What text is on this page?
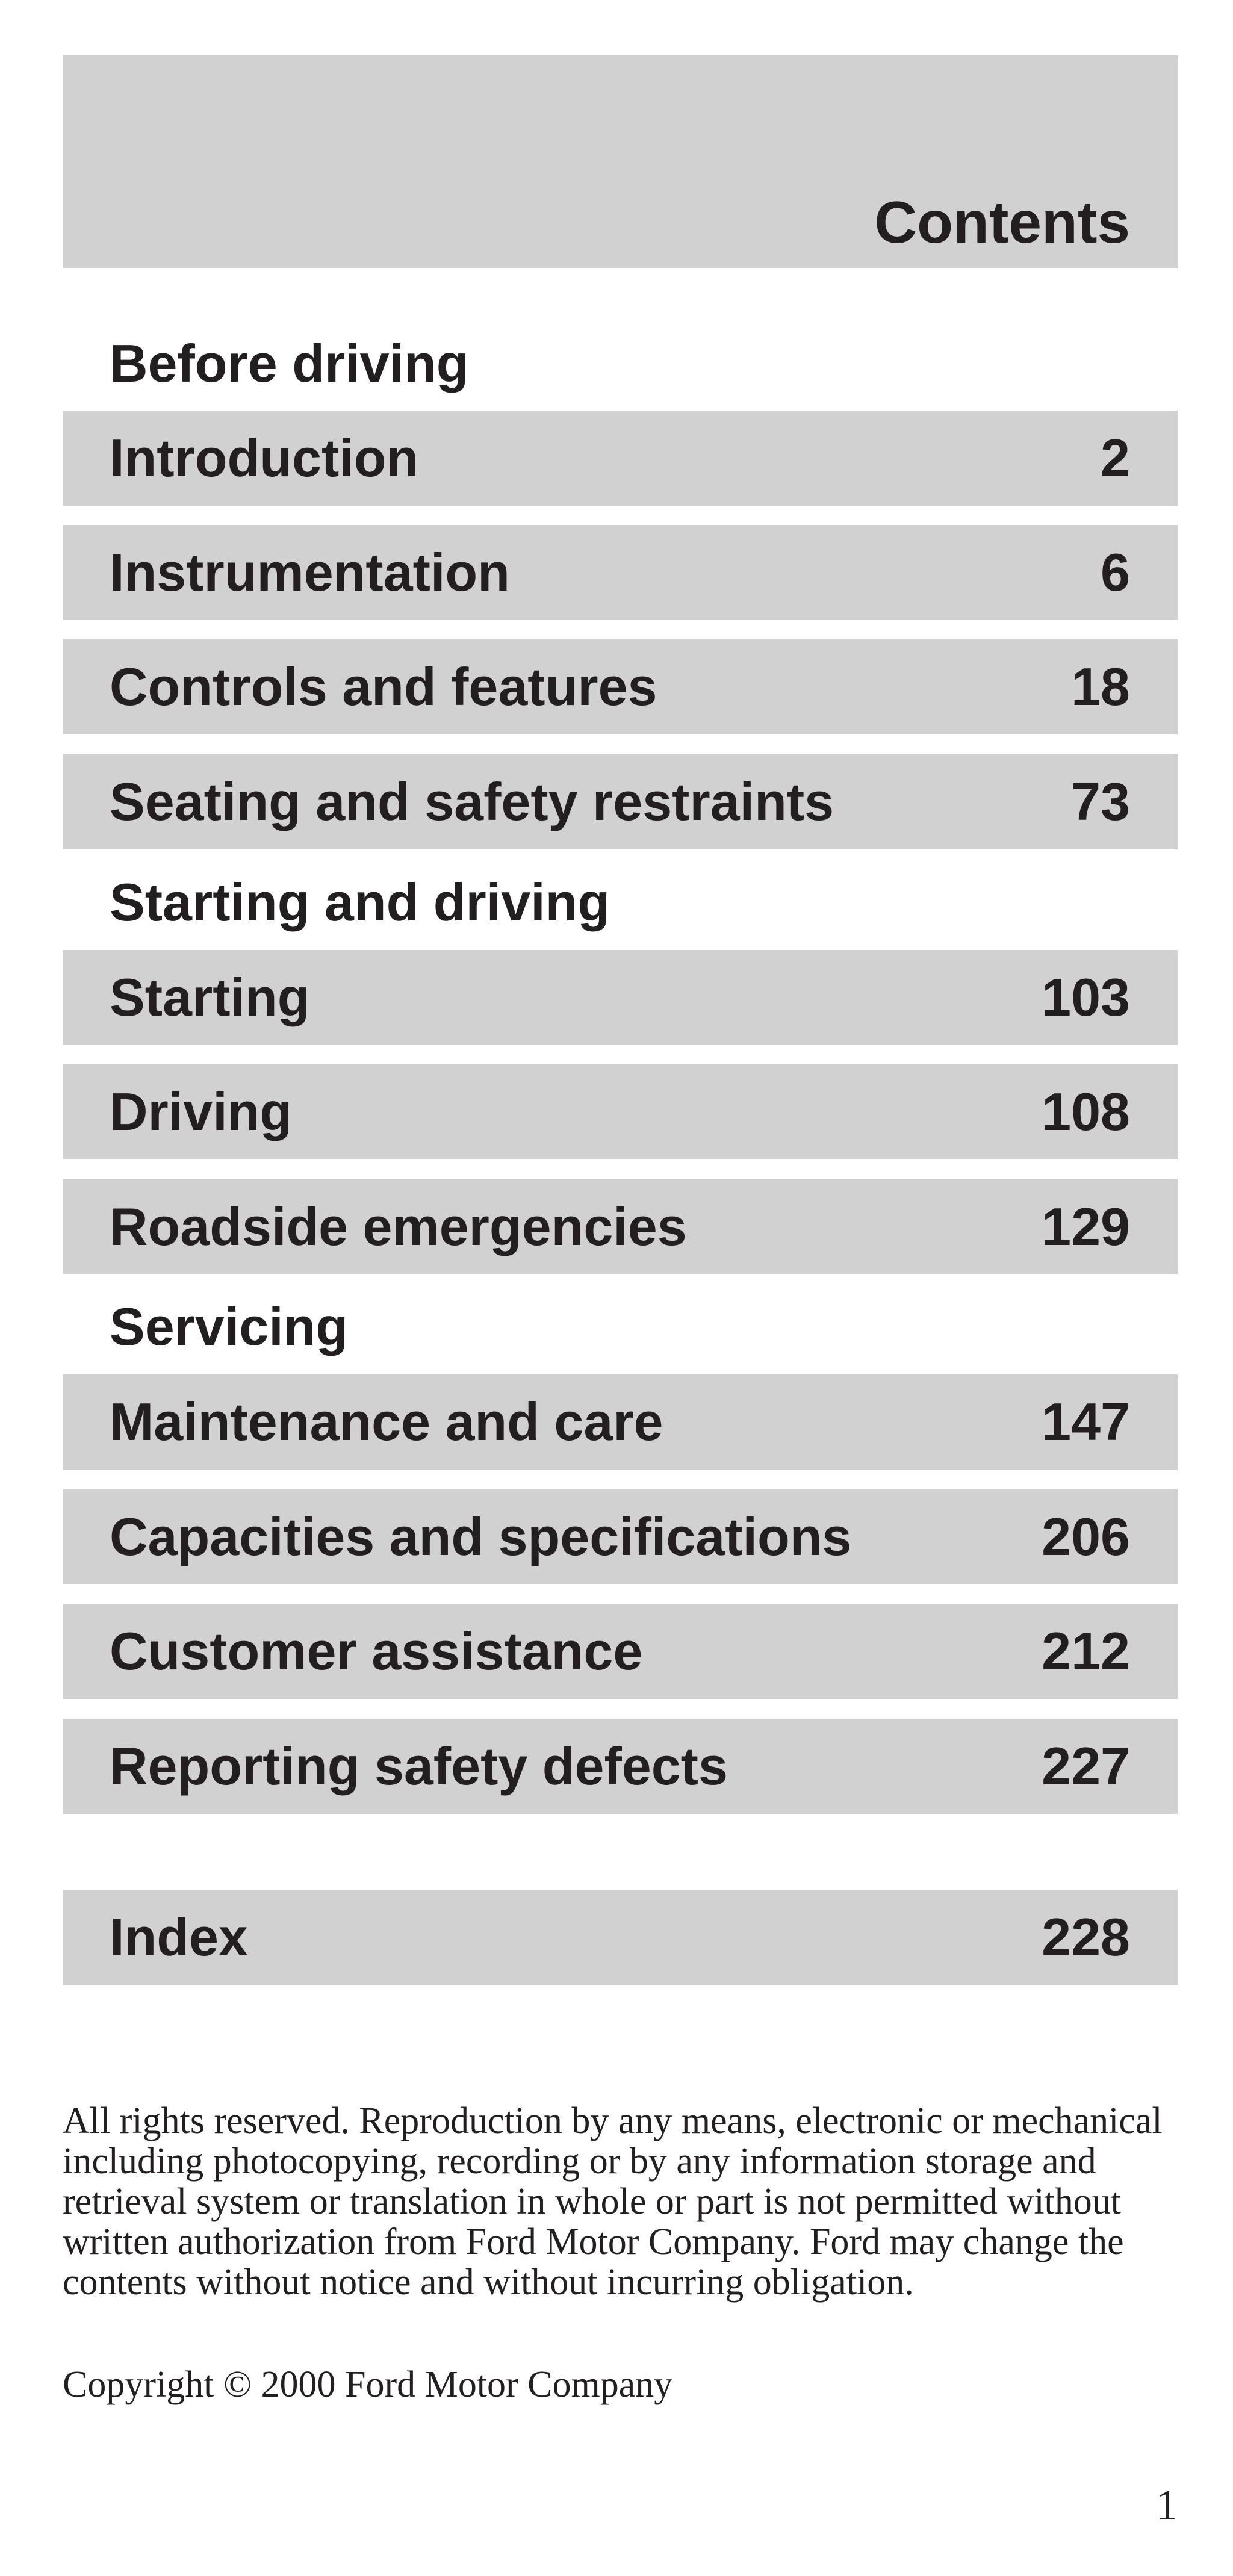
Contents
Before driving
Introduction	2
Instrumentation	6
Controls and features	18
Seating and safety restraints	73
Starting and driving
Starting	103
Driving	108
Roadside emergencies	129
Servicing
Maintenance and care	147
Capacities and specifications	206
Customer assistance	212
Reporting safety defects	227
Index	228
All rights reserved. Reproduction by any means, electronic or mechanical including photocopying, recording or by any information storage and retrieval system or translation in whole or part is not permitted without written authorization from Ford Motor Company. Ford may change the contents without notice and without incurring obligation.
Copyright © 2000 Ford Motor Company
1
